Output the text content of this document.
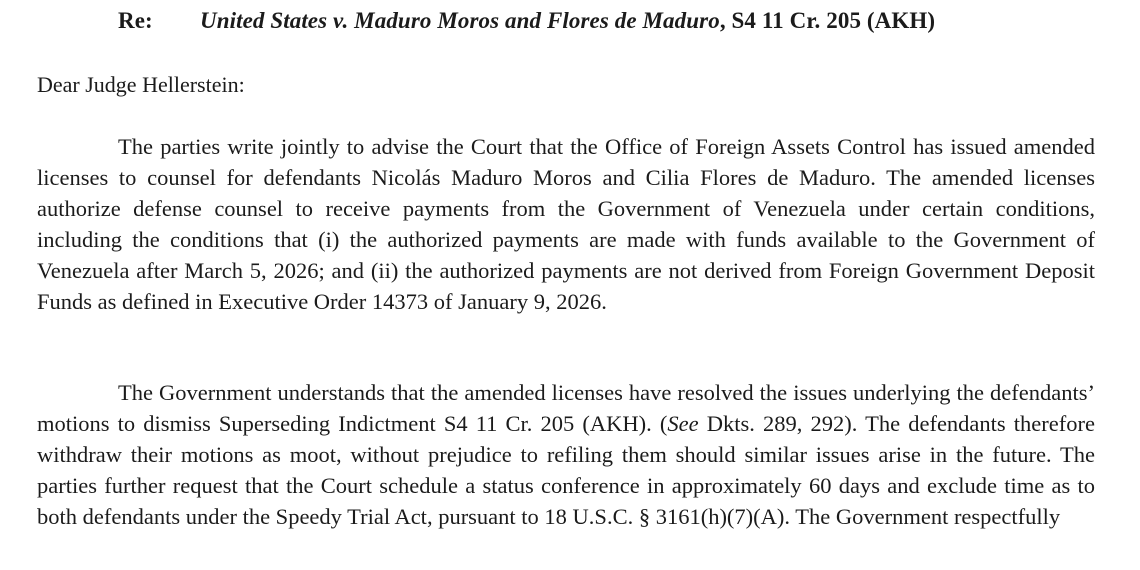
Re: United States v. Maduro Moros and Flores de Maduro, S4 11 Cr. 205 (AKH)
Dear Judge Hellerstein:

The parties write jointly to advise the Court that the Office of Foreign Assets Control has issued amended licenses to counsel for defendants Nicolás Maduro Moros and Cilia Flores de Maduro. The amended licenses authorize defense counsel to receive payments from the Government of Venezuela under certain conditions, including the conditions that (i) the authorized payments are made with funds available to the Government of Venezuela after March 5, 2026; and (ii) the authorized payments are not derived from Foreign Government Deposit Funds as defined in Executive Order 14373 of January 9, 2026.

The Government understands that the amended licenses have resolved the issues underlying the defendants’ motions to dismiss Superseding Indictment S4 11 Cr. 205 (AKH). (See Dkts. 289, 292). The defendants therefore withdraw their motions as moot, without prejudice to refiling them should similar issues arise in the future. The parties further request that the Court schedule a status conference in approximately 60 days and exclude time as to both defendants under the Speedy Trial Act, pursuant to 18 U.S.C. § 3161(h)(7)(A). The Government respectfully
